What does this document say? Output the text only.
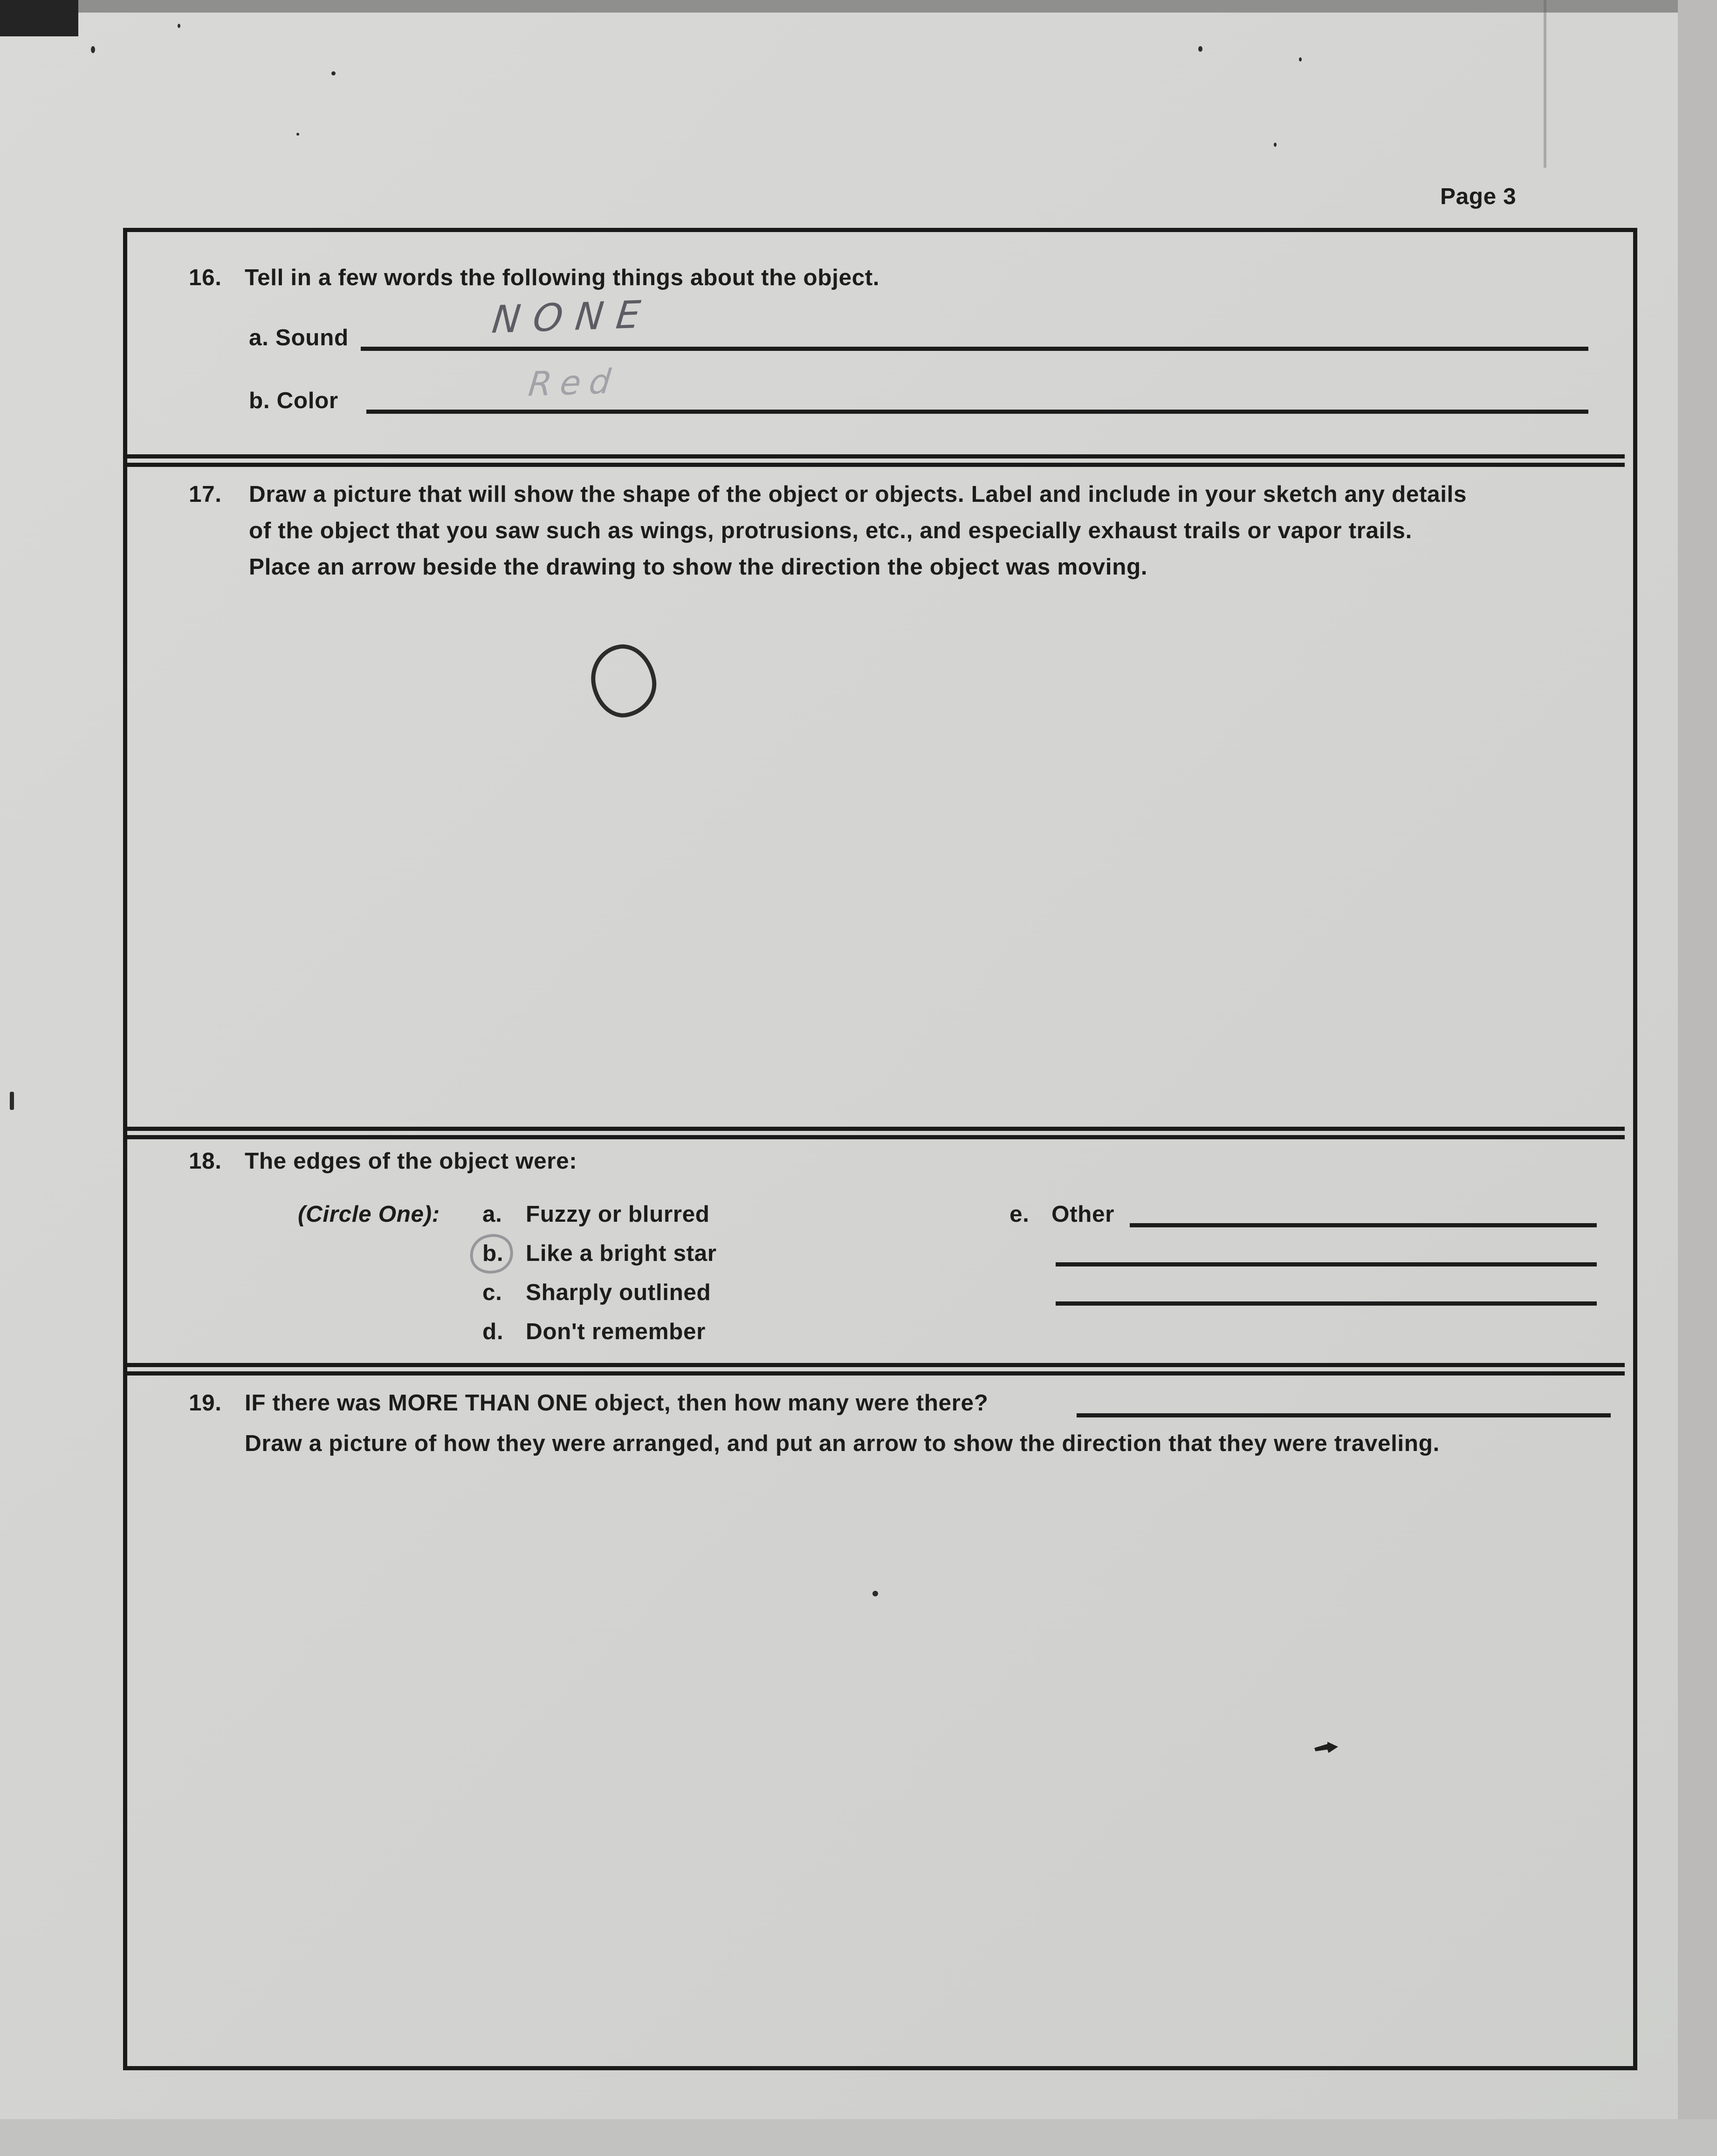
Page 3
16.	Tell in a few words the following things about the object.
a. Sound	NONE
b. Color	Red
17.	Draw a picture that will show the shape of the object or objects. Label and include in your sketch any details
of the object that you saw such as wings, protrusions, etc., and especially exhaust trails or vapor trails.
Place an arrow beside the drawing to show the direction the object was moving.
18.	The edges of the object were:
(Circle One):	a.	Fuzzy or blurred
b.	Like a bright star
c.	Sharply outlined
d.	Don't remember
e.	Other
19.	IF there was MORE THAN ONE object, then how many were there?
Draw a picture of how they were arranged, and put an arrow to show the direction that they were traveling.
